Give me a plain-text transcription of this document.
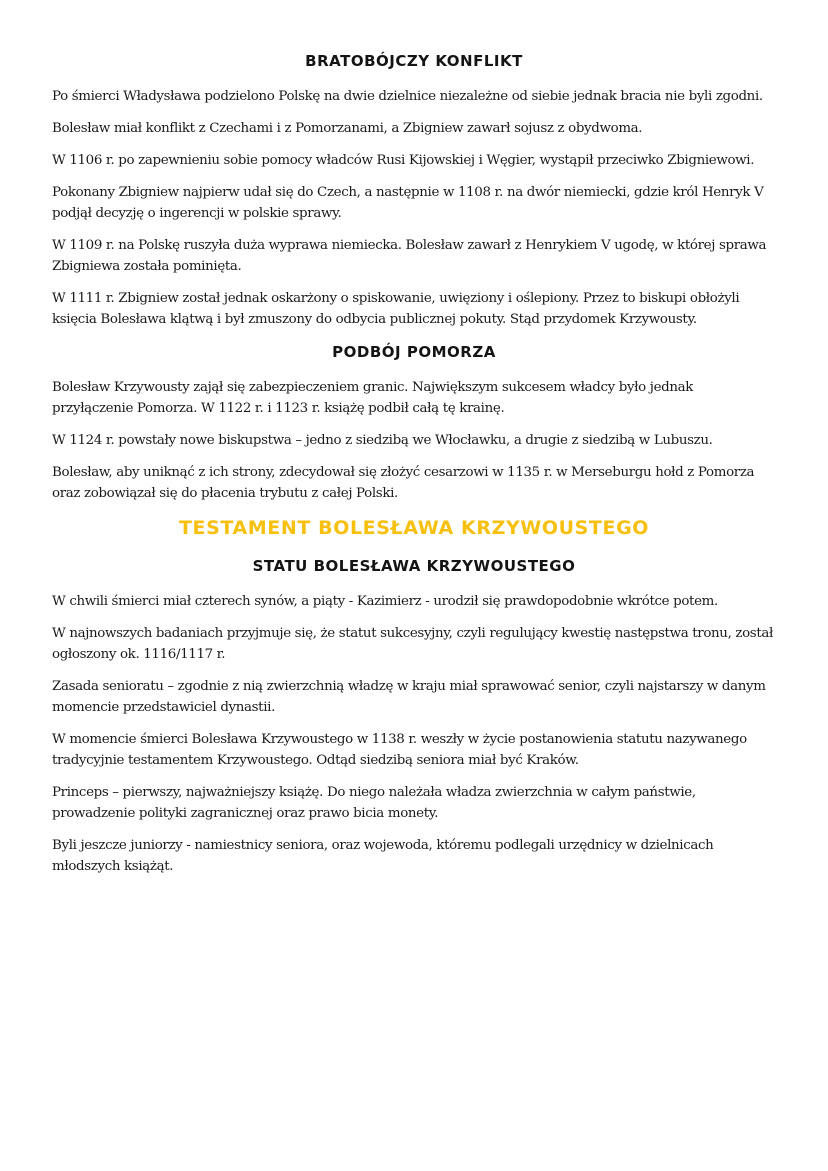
BRATOBÓJCZY KONFLIKT

Po śmierci Władysława podzielono Polskę na dwie dzielnice niezależne od siebie jednak bracia nie byli zgodni.

Bolesław miał konflikt z Czechami i z Pomorzanami, a Zbigniew zawarł sojusz z obydwoma.

W 1106 r. po zapewnieniu sobie pomocy władców Rusi Kijowskiej i Węgier, wystąpił przeciwko Zbigniewowi.

Pokonany Zbigniew najpierw udał się do Czech, a następnie w 1108 r. na dwór niemiecki, gdzie król Henryk V podjął decyzję o ingerencji w polskie sprawy.

W 1109 r. na Polskę ruszyła duża wyprawa niemiecka. Bolesław zawarł z Henrykiem V ugodę, w której sprawa Zbigniewa została pominięta.

W 1111 r. Zbigniew został jednak oskarżony o spiskowanie, uwięziony i oślepiony. Przez to biskupi obłożyli księcia Bolesława klątwą i był zmuszony do odbycia publicznej pokuty. Stąd przydomek Krzywousty.

PODBÓJ POMORZA

Bolesław Krzywousty zajął się zabezpieczeniem granic. Największym sukcesem władcy było jednak przyłączenie Pomorza. W 1122 r. i 1123 r. książę podbił całą tę krainę.

W 1124 r. powstały nowe biskupstwa – jedno z siedzibą we Włocławku, a drugie z siedzibą w Lubuszu.

Bolesław, aby uniknąć z ich strony, zdecydował się złożyć cesarzowi w 1135 r. w Merseburgu hołd z Pomorza oraz zobowiązał się do płacenia trybutu z całej Polski.

TESTAMENT BOLESŁAWA KRZYWOUSTEGO
STATU BOLESŁAWA KRZYWOUSTEGO

W chwili śmierci miał czterech synów, a piąty - Kazimierz - urodził się prawdopodobnie wkrótce potem.

W najnowszych badaniach przyjmuje się, że statut sukcesyjny, czyli regulujący kwestię następstwa tronu, został ogłoszony ok. 1116/1117 r.

Zasada senioratu – zgodnie z nią zwierzchnią władzę w kraju miał sprawować senior, czyli najstarszy w danym momencie przedstawiciel dynastii.

W momencie śmierci Bolesława Krzywoustego w 1138 r. weszły w życie postanowienia statutu nazywanego tradycyjnie testamentem Krzywoustego. Odtąd siedzibą seniora miał być Kraków.

Princeps – pierwszy, najważniejszy książę. Do niego należała władza zwierzchnia w całym państwie, prowadzenie polityki zagranicznej oraz prawo bicia monety.

Byli jeszcze juniorzy - namiestnicy seniora, oraz wojewoda, któremu podlegali urzędnicy w dzielnicach młodszych książąt.
